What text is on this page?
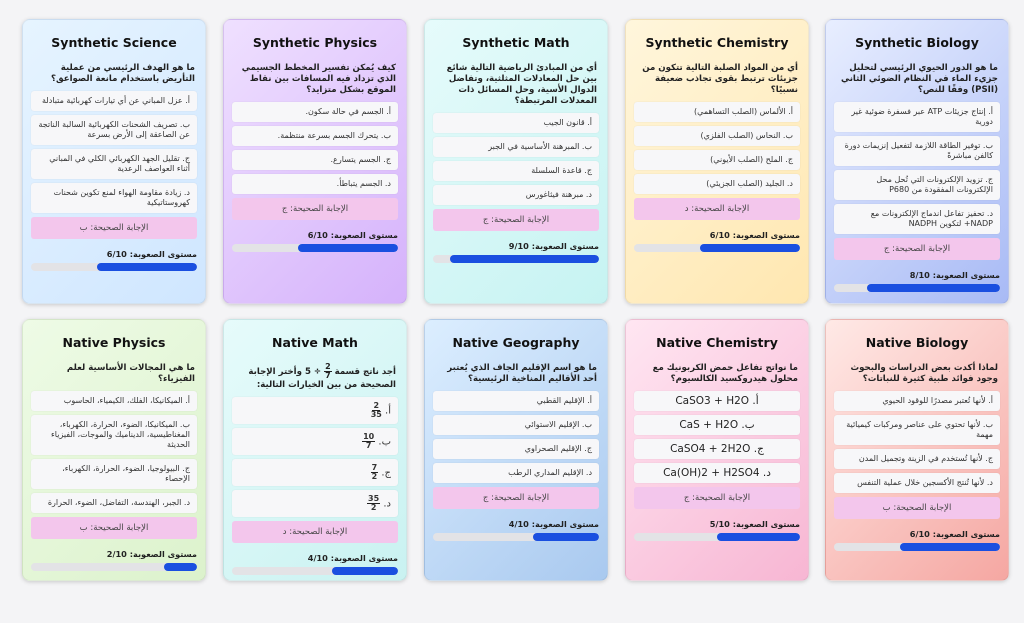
Synthetic Science
ما هو الهدف الرئيسي من عملية التأريض باستخدام مانعة الصواعق؟
أ. عزل المباني عن أي تيارات كهربائية متبادلة
ب. تصريف الشحنات الكهربائية السالبة الناتجة عن الصاعقة إلى الأرض بسرعة
ج. تقليل الجهد الكهربائي الكلي في المباني أثناء العواصف الرعدية
د. زيادة مقاومة الهواء لمنع تكوين شحنات كهروستاتيكية
الإجابة الصحيحة: ب
مستوى الصعوبة: 6/10
Synthetic Physics
كيف يُمكن تفسير المخطط الجسيمي الذي تزداد فيه المسافات بين نقاط الموقع بشكل متزايد؟
أ. الجسم في حالة سكون.
ب. يتحرك الجسم بسرعة منتظمة.
ج. الجسم يتسارع.
د. الجسم يتباطأ.
الإجابة الصحيحة: ج
مستوى الصعوبة: 6/10
Synthetic Math
أي من المبادئ الرياضية التالية شائع بين حل المعادلات المثلثية، وتفاضل الدوال الأسية، وحل المسائل ذات المعدلات المرتبطة؟
أ. قانون الجيب
ب. المبرهنة الأساسية في الجبر
ج. قاعدة السلسلة
د. مبرهنة فيثاغورس
الإجابة الصحيحة: ج
مستوى الصعوبة: 9/10
Synthetic Chemistry
أي من المواد الصلبة التالية تتكون من جزيئات ترتبط بقوى تجاذب ضعيفة نسبيًا؟
أ. الألماس (الصلب التساهمي)
ب. النحاس (الصلب الفلزي)
ج. الملح (الصلب الأيوني)
د. الجليد (الصلب الجزيئي)
الإجابة الصحيحة: د
مستوى الصعوبة: 6/10
Synthetic Biology
ما هو الدور الحيوي الرئيسي لتحليل جزيء الماء في النظام الضوئي الثاني (PSII) وفقًا للنص؟
أ. إنتاج جزيئات ATP عبر فسفرة ضوئية غير دورية
ب. توفير الطاقة اللازمة لتفعيل إنزيمات دورة كالفن مباشرةً
ج. تزويد الإلكترونات التي تُحل محل الإلكترونات المفقودة من P680
د. تحفيز تفاعل اندماج الإلكترونات مع NADP+ لتكوين NADPH
الإجابة الصحيحة: ج
مستوى الصعوبة: 8/10
Native Physics
ما هي المجالات الأساسية لعلم الفيزياء؟
أ. الميكانيكا، الفلك، الكيمياء، الحاسوب
ب. الميكانيكا، الضوء، الحرارة، الكهرباء، المغناطيسية، الديناميك والموجات، الفيزياء الحديثة
ج. البيولوجيا، الضوء، الحرارة، الكهرباء، الإحصاء
د. الجبر، الهندسة، التفاضل، الضوء، الحرارة
الإجابة الصحيحة: ب
مستوى الصعوبة: 2/10
Native Math
أجد ناتج قسمة
$\frac{2}{7}$
÷ 5 وأختر الإجابة الصحيحة من بين الخيارات التالية:
أ.
$\frac{2}{35}$
ب.
$\frac{10}{7}$
ج.
$\frac{7}{2}$
د.
$\frac{35}{2}$
الإجابة الصحيحة: د
مستوى الصعوبة: 4/10
Native Geography
ما هو اسم الإقليم الجاف الذي يُعتبر أحد الأقاليم المناخية الرئيسية؟
أ. الإقليم القطبي
ب. الإقليم الاستوائي
ج. الإقليم الصحراوي
د. الإقليم المداري الرطب
الإجابة الصحيحة: ج
مستوى الصعوبة: 4/10
Native Chemistry
ما نواتج تفاعل حمض الكربونيك مع محلول هيدروكسيد الكالسيوم؟
أ. CaSO3 + H2O
ب. CaS + H2O
ج. CaSO4 + 2H2O
د. Ca(OH)2 + H2SO4
الإجابة الصحيحة: ج
مستوى الصعوبة: 5/10
Native Biology
لماذا أكدت بعض الدراسات والبحوث وجود فوائد طبية كثيرة للنباتات؟
أ. لأنها تُعتبر مصدرًا للوقود الحيوي
ب. لأنها تحتوي على عناصر ومركبات كيميائية مهمة
ج. لأنها تُستخدم في الزينة وتجميل المدن
د. لأنها تُنتج الأكسجين خلال عملية التنفس
الإجابة الصحيحة: ب
مستوى الصعوبة: 6/10
